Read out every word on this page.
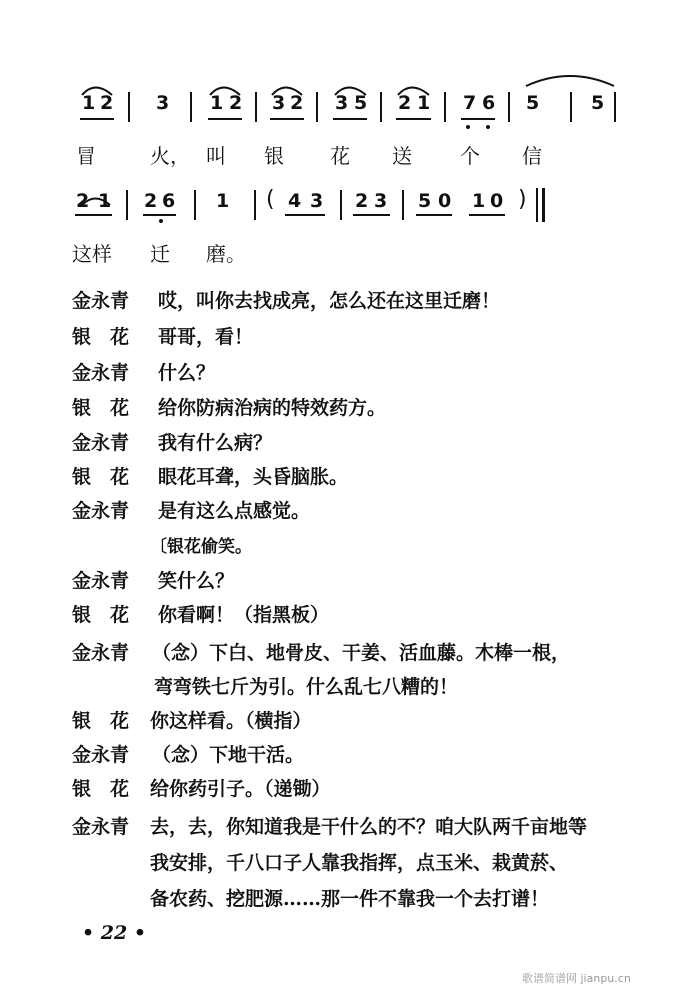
1 2 3 1 2 3 2 3 5 2 1 7 6 5	5
冒	火， 叫 银 花 送 个 信
2 1 2 6 1 ( 4 3 2 3 5 0 1 0 )
这样 迁 磨。
金永青 哎，叫你去找成亮，怎么还在这里迁磨！
银　花 哥哥，看！
金永青 什么？
银　花 给你防病治病的特效药方。
金永青 我有什么病？
银　花 眼花耳聋，头昏脑胀。
金永青 是有这么点感觉。
〔银花偷笑。
金永青 笑什么？
银　花 你看啊！（指黑板）
金永青 （念）下白、地骨皮、干姜、活血藤。木棒一根，
弯弯铁七斤为引。什么乱七八糟的！
银　花 你这样看。（横指）
金永青 （念）下地干活。
银　花 给你药引子。（递锄）
金永青 去，去，你知道我是干什么的不？咱大队两千亩地等
我安排，千八口子人靠我指挥，点玉米、栽黄菸、
备农药、挖肥源……那一件不靠我一个去打谱！
• 22 •
歌谱简谱网 jianpu.cn
